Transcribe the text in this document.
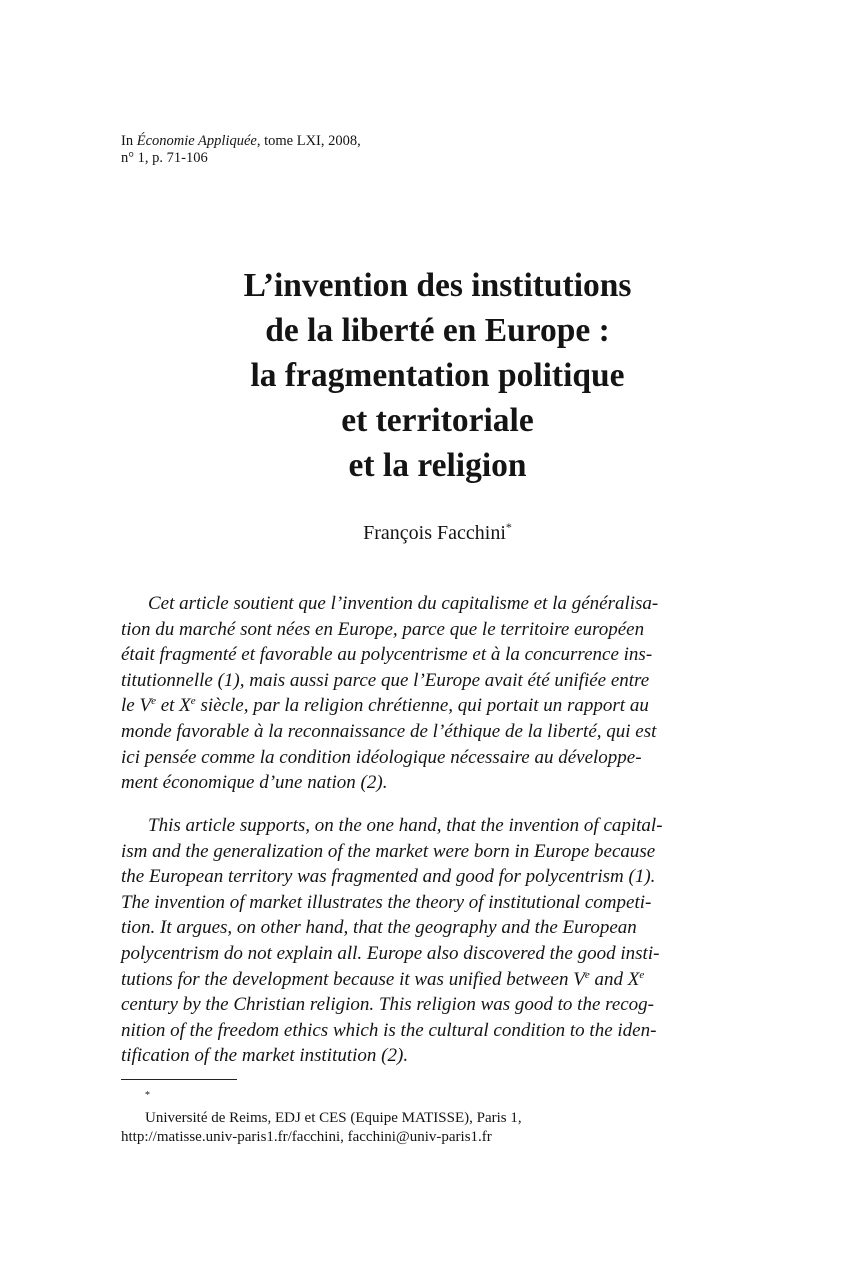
In Économie Appliquée, tome LXI, 2008,
n° 1, p. 71-106
L’invention des institutions
de la liberté en Europe :
la fragmentation politique
et territoriale
et la religion
François Facchini*
Cet article soutient que l’invention du capitalisme et la généralisa-
tion du marché sont nées en Europe, parce que le territoire européen
était fragmenté et favorable au polycentrisme et à la concurrence ins-
titutionnelle (1), mais aussi parce que l’Europe avait été unifiée entre
le Ve et Xe siècle, par la religion chrétienne, qui portait un rapport au
monde favorable à la reconnaissance de l’éthique de la liberté, qui est
ici pensée comme la condition idéologique nécessaire au développe-
ment économique d’une nation (2).
This article supports, on the one hand, that the invention of capital-
ism and the generalization of the market were born in Europe because
the European territory was fragmented and good for polycentrism (1).
The invention of market illustrates the theory of institutional competi-
tion. It argues, on other hand, that the geography and the European
polycentrism do not explain all. Europe also discovered the good insti-
tutions for the development because it was unified between Ve and Xe
century by the Christian religion. This religion was good to the recog-
nition of the freedom ethics which is the cultural condition to the iden-
tification of the market institution (2).
*
Université de Reims, EDJ et CES (Equipe MATISSE), Paris 1,
http://matisse.univ-paris1.fr/facchini, facchini@univ-paris1.fr
